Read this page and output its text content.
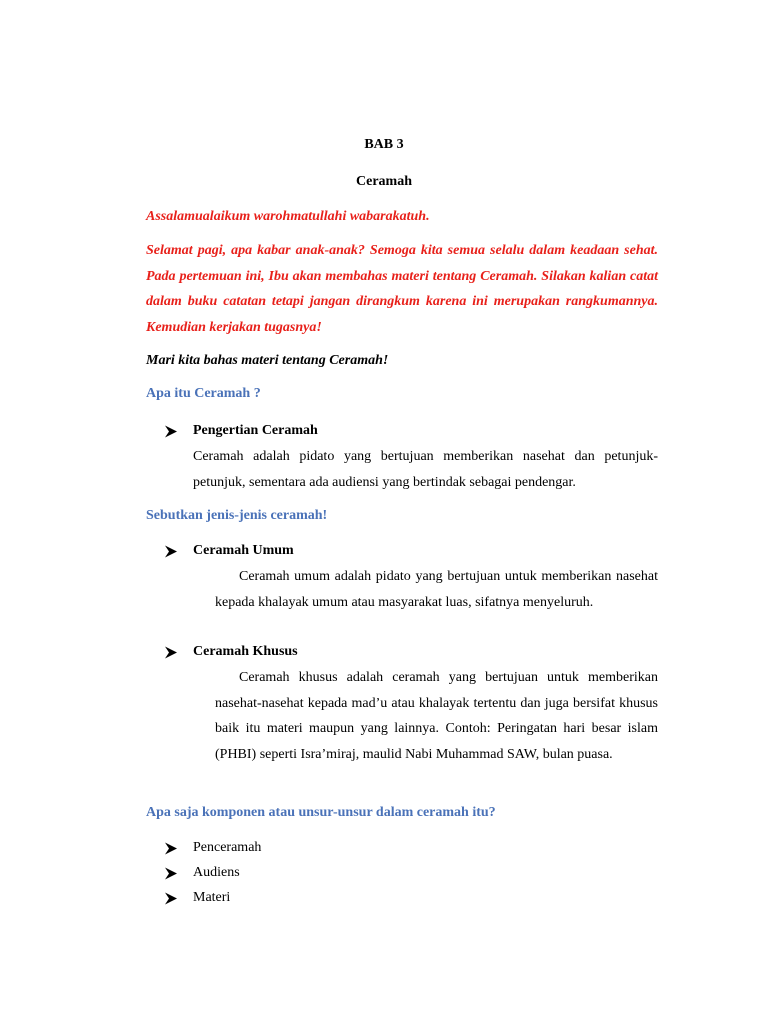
BAB 3
Ceramah
Assalamualaikum warohmatullahi wabarakatuh.
Selamat pagi, apa kabar anak-anak? Semoga kita semua selalu dalam keadaan sehat. Pada pertemuan ini, Ibu akan membahas materi tentang Ceramah. Silakan kalian catat dalam buku catatan tetapi jangan dirangkum karena ini merupakan rangkumannya. Kemudian kerjakan tugasnya!
Mari kita bahas materi tentang Ceramah!
Apa itu Ceramah ?
Pengertian Ceramah
Ceramah adalah pidato yang bertujuan memberikan nasehat dan petunjuk-petunjuk, sementara ada audiensi yang bertindak sebagai pendengar.
Sebutkan jenis-jenis ceramah!
Ceramah Umum
Ceramah umum adalah pidato yang bertujuan untuk memberikan nasehat kepada khalayak umum atau masyarakat luas, sifatnya menyeluruh.
Ceramah Khusus
Ceramah khusus adalah ceramah yang bertujuan untuk memberikan nasehat-nasehat kepada mad’u atau khalayak tertentu dan juga bersifat khusus baik itu materi maupun yang lainnya. Contoh: Peringatan hari besar islam (PHBI) seperti Isra’miraj, maulid Nabi Muhammad SAW, bulan puasa.
Apa saja komponen atau unsur-unsur dalam ceramah itu?
Penceramah
Audiens
Materi
